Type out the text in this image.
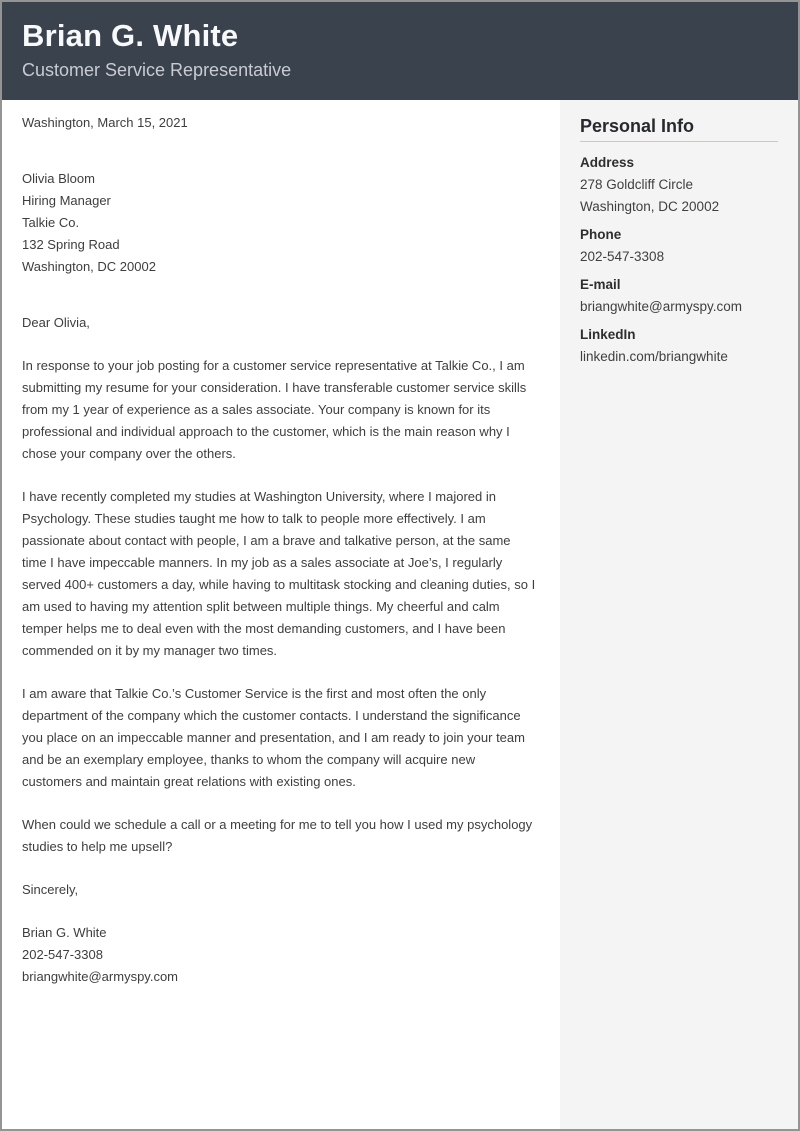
Brian G. White
Customer Service Representative

Washington, March 15, 2021

Olivia Bloom
Hiring Manager
Talkie Co.
132 Spring Road
Washington, DC 20002

Dear Olivia,

In response to your job posting for a customer service representative at Talkie Co., I am submitting my resume for your consideration. I have transferable customer service skills from my 1 year of experience as a sales associate. Your company is known for its professional and individual approach to the customer, which is the main reason why I chose your company over the others.

I have recently completed my studies at Washington University, where I majored in Psychology. These studies taught me how to talk to people more effectively. I am passionate about contact with people, I am a brave and talkative person, at the same time I have impeccable manners. In my job as a sales associate at Joe’s, I regularly served 400+ customers a day, while having to multitask stocking and cleaning duties, so I am used to having my attention split between multiple things. My cheerful and calm temper helps me to deal even with the most demanding customers, and I have been commended on it by my manager two times.

I am aware that Talkie Co.’s Customer Service is the first and most often the only department of the company which the customer contacts. I understand the significance you place on an impeccable manner and presentation, and I am ready to join your team and be an exemplary employee, thanks to whom the company will acquire new customers and maintain great relations with existing ones.

When could we schedule a call or a meeting for me to tell you how I used my psychology studies to help me upsell?

Sincerely,

Brian G. White
202-547-3308
briangwhite@armyspy.com
Personal Info
Address
278 Goldcliff Circle
Washington, DC 20002
Phone
202-547-3308
E-mail
briangwhite@armyspy.com
LinkedIn
linkedin.com/briangwhite
